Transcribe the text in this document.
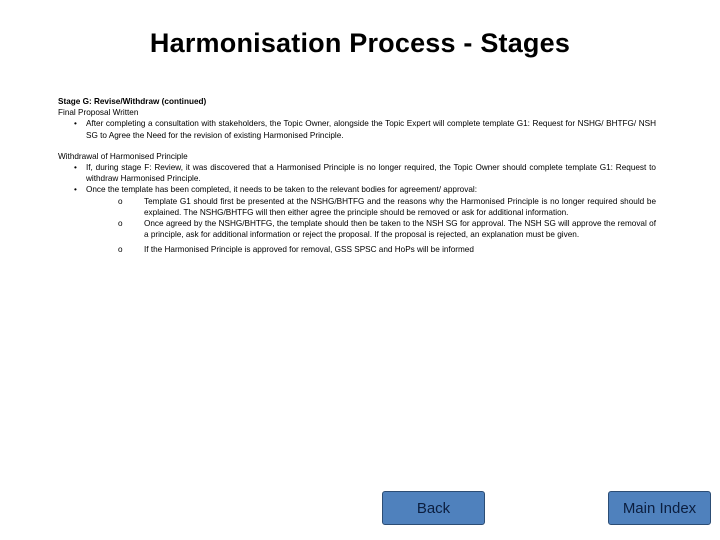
Harmonisation Process - Stages

Stage G: Revise/Withdraw (continued)

Final Proposal Written

• After completing a consultation with stakeholders, the Topic Owner, alongside the Topic Expert will complete template G1: Request for NSHG/ BHTFG/ NSH SG to Agree the Need for the revision of existing Harmonised Principle.

Withdrawal of Harmonised Principle

• If, during stage F: Review, it was discovered that a Harmonised Principle is no longer required, the Topic Owner should complete template G1: Request to withdraw Harmonised Principle.
• Once the template has been completed, it needs to be taken to the relevant bodies for agreement/ approval:
o	Template G1 should first be presented at the NSHG/BHTFG and the reasons why the Harmonised Principle is no longer required should be explained. The NSHG/BHTFG will then either agree the principle should be removed or ask for additional information.
o	Once agreed by the NSHG/BHTFG, the template should then be taken to the NSH SG for approval. The NSH SG will approve the removal of a principle, ask for additional information or reject the proposal. If the proposal is rejected, an explanation must be given.
o	If the Harmonised Principle is approved for removal, GSS SPSC and HoPs will be informed
Back	Main Index
